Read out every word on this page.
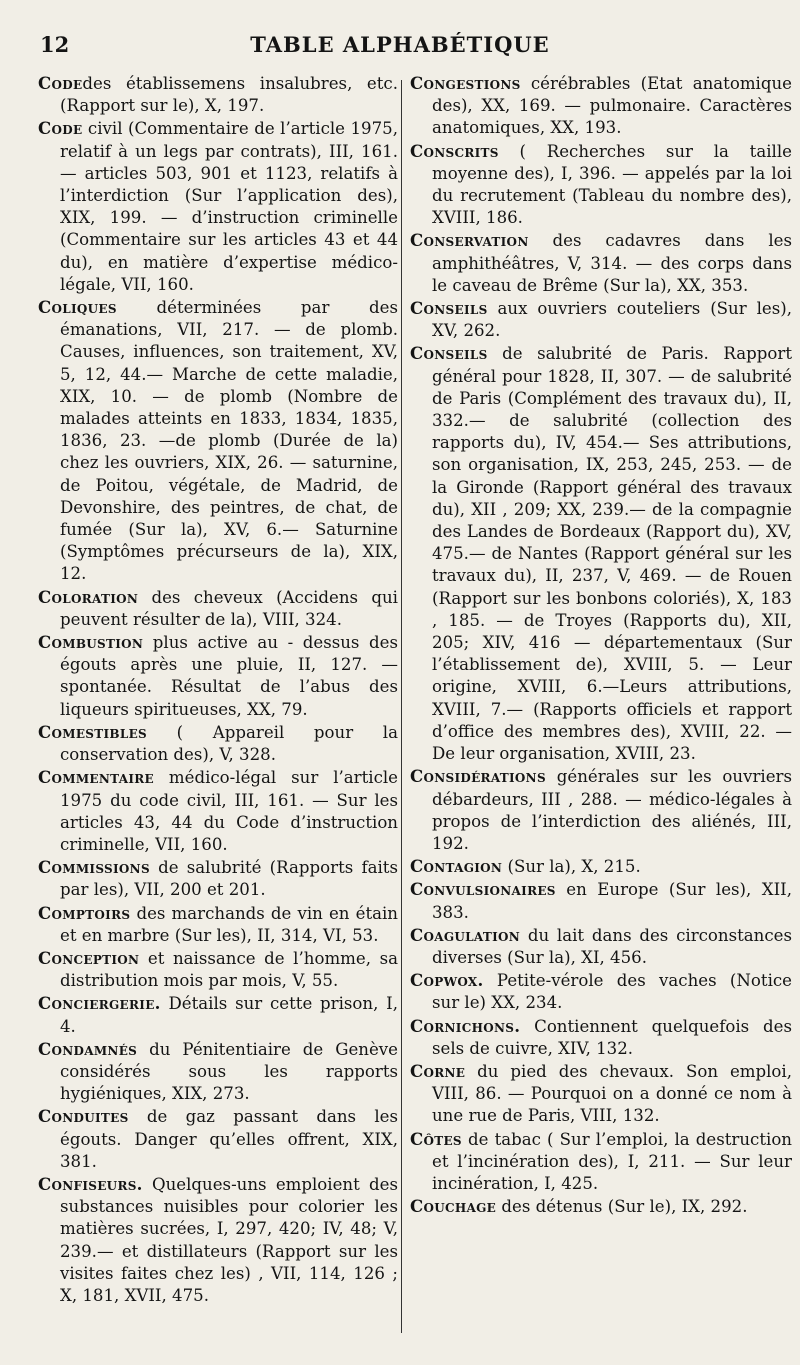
12	TABLE ALPHABÉTIQUE

Codedes établissemens insalubres, etc. (Rapport sur le), X, 197.

Code civil (Commentaire de l’article 1975, relatif à un legs par contrats), III, 161.— articles 503, 901 et 1123, relatifs à l’interdiction (Sur l’application des), XIX, 199. — d’instruction criminelle (Commentaire sur les articles 43 et 44 du), en matière d’expertise médico-légale, VII, 160.

Coliques déterminées par des émanations, VII, 217. — de plomb. Causes, influences, son traitement, XV, 5, 12, 44.— Marche de cette maladie, XIX, 10. — de plomb (Nombre de malades atteints en 1833, 1834, 1835, 1836, 23. —de plomb (Durée de la) chez les ouvriers, XIX, 26. — saturnine, de Poitou, végétale, de Madrid, de Devonshire, des peintres, de chat, de fumée (Sur la), XV, 6.— Saturnine (Symptômes précurseurs de la), XIX, 12.

Coloration des cheveux (Accidens qui peuvent résulter de la), VIII, 324.

Combustion plus active au - dessus des égouts après une pluie, II, 127. — spontanée. Résultat de l’abus des liqueurs spiritueuses, XX, 79.

Comestibles ( Appareil pour la conservation des), V, 328.

Commentaire médico-légal sur l’article 1975 du code civil, III, 161. — Sur les articles 43, 44 du Code d’instruction criminelle, VII, 160.

Commissions de salubrité (Rapports faits par les), VII, 200 et 201.

Comptoirs des marchands de vin en étain et en marbre (Sur les), II, 314, VI, 53.

Conception et naissance de l’homme, sa distribution mois par mois, V, 55.

Conciergerie. Détails sur cette prison, I, 4.

Condamnés du Pénitentiaire de Genève considérés sous les rapports hygiéniques, XIX, 273.

Conduites de gaz passant dans les égouts. Danger qu’elles offrent, XIX, 381.

Confiseurs. Quelques-uns emploient des substances nuisibles pour colorier les matières sucrées, I, 297, 420; IV, 48; V, 239.— et distillateurs (Rapport sur les visites faites chez les) , VII, 114, 126 ; X, 181, XVII, 475.

Congestions cérébrables (Etat anatomique des), XX, 169. — pulmonaire. Caractères anatomiques, XX, 193.

Conscrits ( Recherches sur la taille moyenne des), I, 396. — appelés par la loi du recrutement (Tableau du nombre des), XVIII, 186.

Conservation des cadavres dans les amphithéâtres, V, 314. — des corps dans le caveau de Brême (Sur la), XX, 353.

Conseils aux ouvriers couteliers (Sur les), XV, 262.

Conseils de salubrité de Paris. Rapport général pour 1828, II, 307. — de salubrité de Paris (Complément des travaux du), II, 332.— de salubrité (collection des rapports du), IV, 454.— Ses attributions, son organisation, IX, 253, 245, 253. — de la Gironde (Rapport général des travaux du), XII , 209; XX, 239.— de la compagnie des Landes de Bordeaux (Rapport du), XV, 475.— de Nantes (Rapport général sur les travaux du), II, 237, V, 469. — de Rouen (Rapport sur les bonbons coloriés), X, 183 , 185. — de Troyes (Rapports du), XII, 205; XIV, 416 — départementaux (Sur l’établissement de), XVIII, 5. — Leur origine, XVIII, 6.—Leurs attributions, XVIII, 7.— (Rapports officiels et rapport d’office des membres des), XVIII, 22. — De leur organisation, XVIII, 23.

Considérations générales sur les ouvriers débardeurs, III , 288. — médico-légales à propos de l’interdiction des aliénés, III, 192.

Contagion (Sur la), X, 215.

Convulsionaires en Europe (Sur les), XII, 383.

Coagulation du lait dans des circonstances diverses (Sur la), XI, 456.

Copwox. Petite-vérole des vaches (Notice sur le) XX, 234.

Cornichons. Contiennent quelquefois des sels de cuivre, XIV, 132.

Corne du pied des chevaux. Son emploi, VIII, 86. — Pourquoi on a donné ce nom à une rue de Paris, VIII, 132.

Côtes de tabac ( Sur l’emploi, la destruction et l’incinération des), I, 211. — Sur leur incinération, I, 425.

Couchage des détenus (Sur le), IX, 292.
